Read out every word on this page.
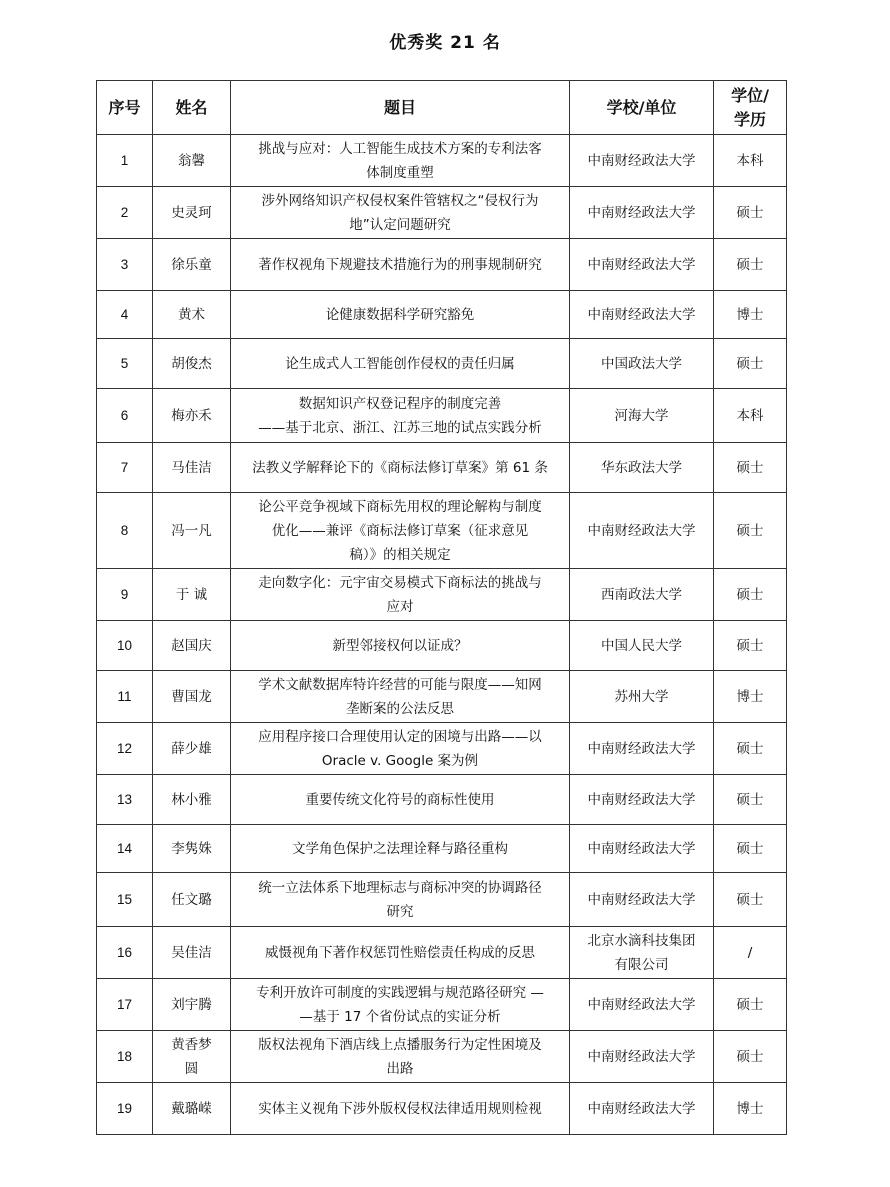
优秀奖 21 名
序号	姓名	题目	学校/单位	学位/
学历
1	翁馨	挑战与应对：人工智能生成技术方案的专利法客
体制度重塑	中南财经政法大学	本科
2	史灵珂	涉外网络知识产权侵权案件管辖权之“侵权行为
地”认定问题研究	中南财经政法大学	硕士
3	徐乐童	著作权视角下规避技术措施行为的刑事规制研究	中南财经政法大学	硕士
4	黄术	论健康数据科学研究豁免	中南财经政法大学	博士
5	胡俊杰	论生成式人工智能创作侵权的责任归属	中国政法大学	硕士
6	梅亦禾	数据知识产权登记程序的制度完善
——基于北京、浙江、江苏三地的试点实践分析	河海大学	本科
7	马佳洁	法教义学解释论下的《商标法修订草案》第 61 条	华东政法大学	硕士
8	冯一凡	论公平竞争视域下商标先用权的理论解构与制度
优化——兼评《商标法修订草案（征求意见
稿）》的相关规定	中南财经政法大学	硕士
9	于 诚	走向数字化：元宇宙交易模式下商标法的挑战与
应对	西南政法大学	硕士
10	赵国庆	新型邻接权何以证成？	中国人民大学	硕士
11	曹国龙	学术文献数据库特许经营的可能与限度——知网
垄断案的公法反思	苏州大学	博士
12	薛少雄	应用程序接口合理使用认定的困境与出路——以
Oracle v. Google 案为例	中南财经政法大学	硕士
13	林小雅	重要传统文化符号的商标性使用	中南财经政法大学	硕士
14	李隽姝	文学角色保护之法理诠释与路径重构	中南财经政法大学	硕士
15	任文璐	统一立法体系下地理标志与商标冲突的协调路径
研究	中南财经政法大学	硕士
16	吴佳洁	威慑视角下著作权惩罚性赔偿责任构成的反思	北京水滴科技集团
有限公司	/
17	刘宇腾	专利开放许可制度的实践逻辑与规范路径研究 —
—基于 17 个省份试点的实证分析	中南财经政法大学	硕士
18	黄香梦
圆	版权法视角下酒店线上点播服务行为定性困境及
出路	中南财经政法大学	硕士
19	戴璐嵘	实体主义视角下涉外版权侵权法律适用规则检视	中南财经政法大学	博士
